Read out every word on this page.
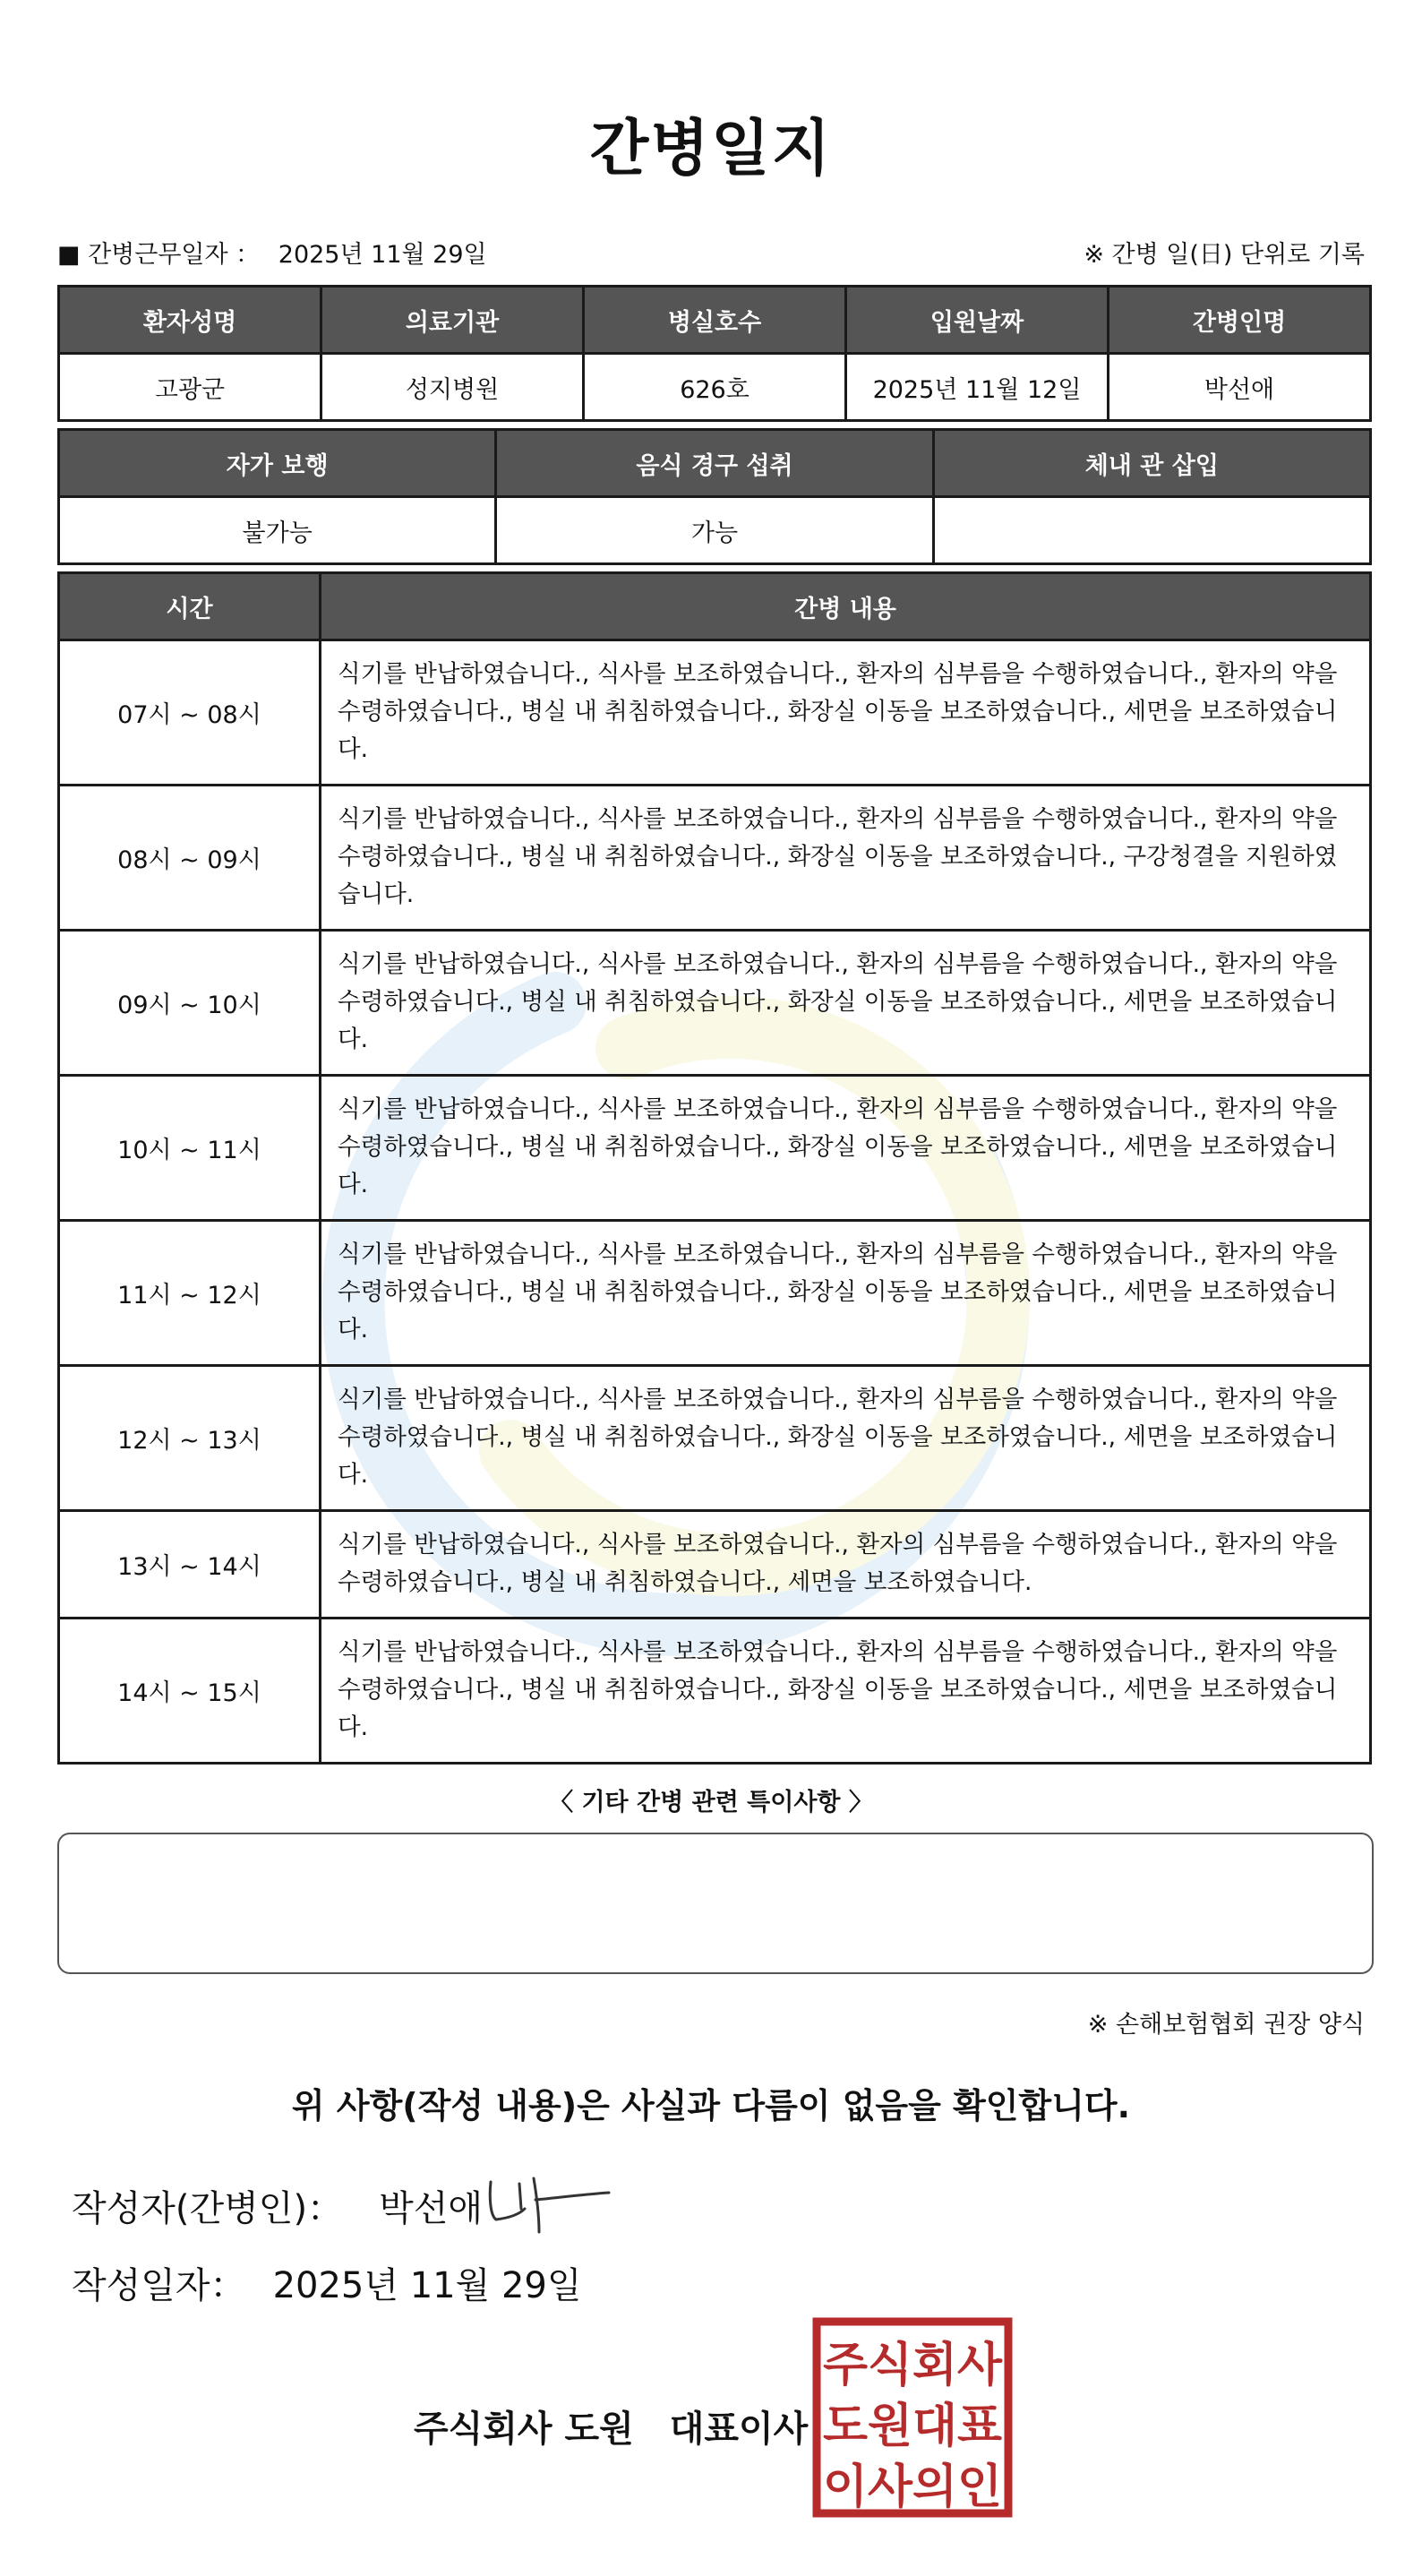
간병일지
■ 간병근무일자 ： 2025년 11월 29일	※ 간병 일(日) 단위로 기록
환자성명	의료기관	병실호수	입원날짜	간병인명
고광군	성지병원	626호	2025년 11월 12일	박선애
자가 보행	음식 경구 섭취	체내 관 삽입
불가능	가능	
시간	간병 내용
07시 ~ 08시	식기를 반납하였습니다., 식사를 보조하였습니다., 환자의 심부름을 수행하였습니다., 환자의 약을 수령하였습니다., 병실 내 취침하였습니다., 화장실 이동을 보조하였습니다., 세면을 보조하였습니다.
08시 ~ 09시	식기를 반납하였습니다., 식사를 보조하였습니다., 환자의 심부름을 수행하였습니다., 환자의 약을 수령하였습니다., 병실 내 취침하였습니다., 화장실 이동을 보조하였습니다., 구강청결을 지원하였습니다.
09시 ~ 10시	식기를 반납하였습니다., 식사를 보조하였습니다., 환자의 심부름을 수행하였습니다., 환자의 약을 수령하였습니다., 병실 내 취침하였습니다., 화장실 이동을 보조하였습니다., 세면을 보조하였습니다.
10시 ~ 11시	식기를 반납하였습니다., 식사를 보조하였습니다., 환자의 심부름을 수행하였습니다., 환자의 약을 수령하였습니다., 병실 내 취침하였습니다., 화장실 이동을 보조하였습니다., 세면을 보조하였습니다.
11시 ~ 12시	식기를 반납하였습니다., 식사를 보조하였습니다., 환자의 심부름을 수행하였습니다., 환자의 약을 수령하였습니다., 병실 내 취침하였습니다., 화장실 이동을 보조하였습니다., 세면을 보조하였습니다.
12시 ~ 13시	식기를 반납하였습니다., 식사를 보조하였습니다., 환자의 심부름을 수행하였습니다., 환자의 약을 수령하였습니다., 병실 내 취침하였습니다., 화장실 이동을 보조하였습니다., 세면을 보조하였습니다.
13시 ~ 14시	식기를 반납하였습니다., 식사를 보조하였습니다., 환자의 심부름을 수행하였습니다., 환자의 약을 수령하였습니다., 병실 내 취침하였습니다., 세면을 보조하였습니다.
14시 ~ 15시	식기를 반납하였습니다., 식사를 보조하였습니다., 환자의 심부름을 수행하였습니다., 환자의 약을 수령하였습니다., 병실 내 취침하였습니다., 화장실 이동을 보조하였습니다., 세면을 보조하였습니다.
〈 기타 간병 관련 특이사항 〉
※ 손해보험협회 권장 양식
위 사항(작성 내용)은 사실과 다름이 없음을 확인합니다.
작성자(간병인)： 박선애
작성일자： 2025년 11월 29일
주식회사 도원 대표이사
주식회사
도원대표
이사의인
